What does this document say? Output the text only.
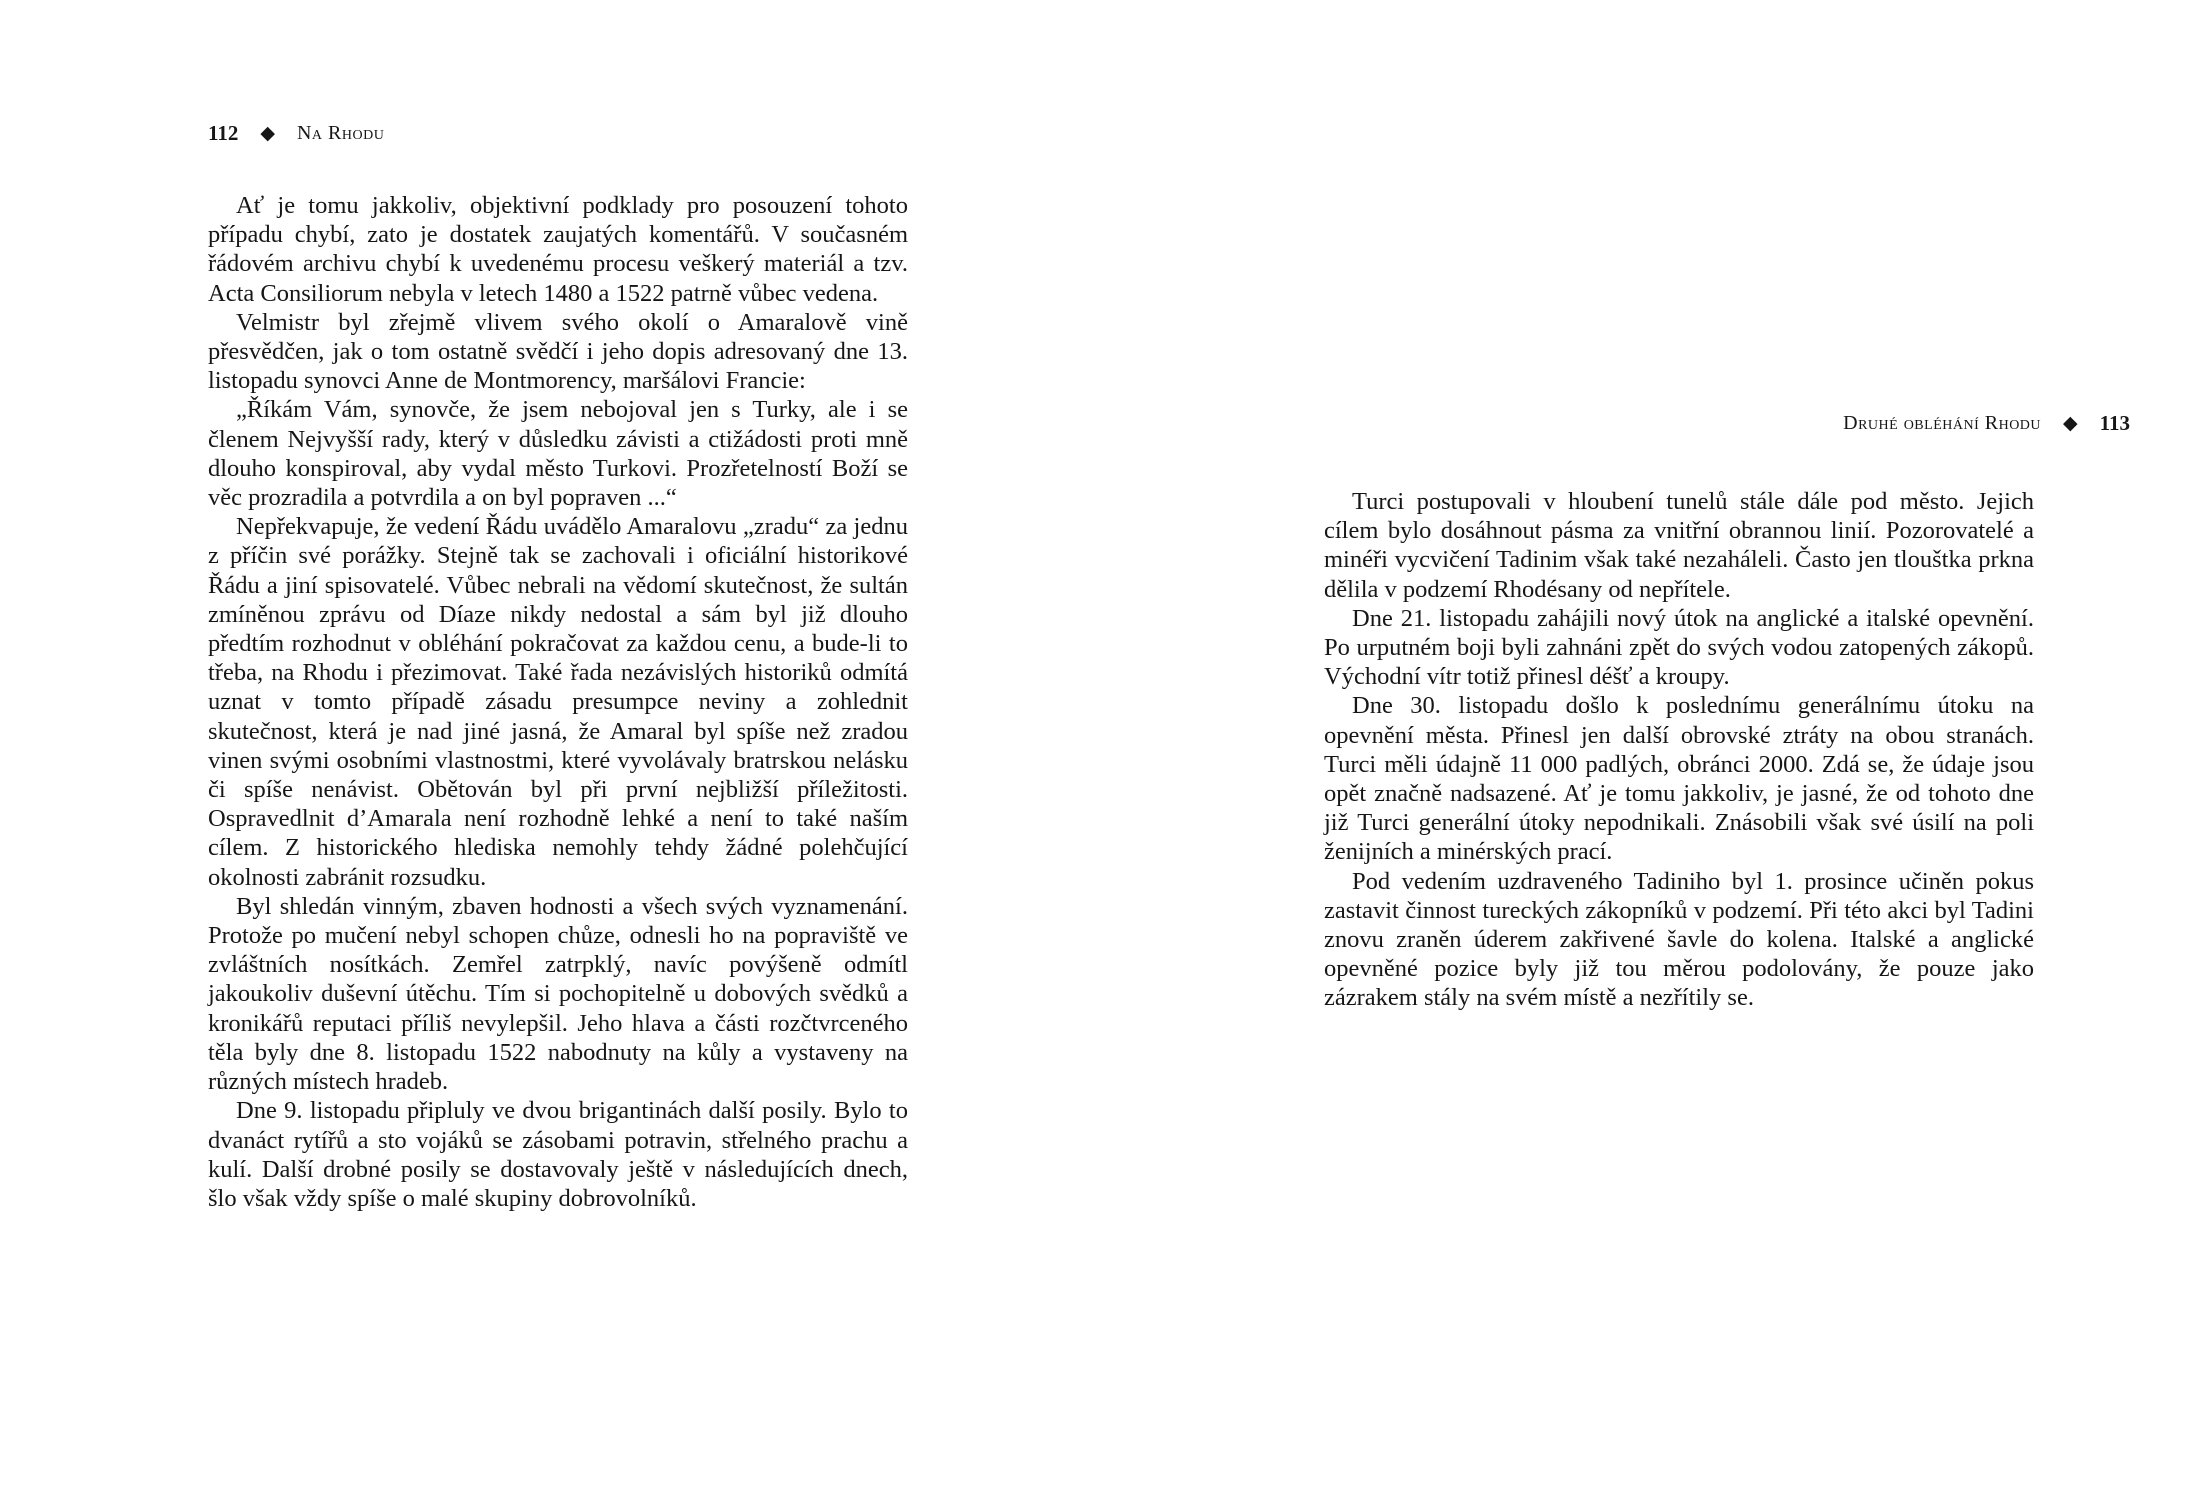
112 ◆ Na Rhodu

Ať je tomu jakkoliv, objektivní podklady pro posouzení tohoto případu chybí, zato je dostatek zaujatých komentářů. V současném řádovém archivu chybí k uvedenému procesu veškerý materiál a tzv. Acta Consiliorum nebyla v letech 1480 a 1522 patrně vůbec vedena.

Velmistr byl zřejmě vlivem svého okolí o Amaralově vině přesvědčen, jak o tom ostatně svědčí i jeho dopis adresovaný dne 13. listopadu synovci Anne de Montmorency, maršálovi Francie:

„Říkám Vám, synovče, že jsem nebojoval jen s Turky, ale i se členem Nejvyšší rady, který v důsledku závisti a ctižádosti proti mně dlouho konspiroval, aby vydal město Turkovi. Prozřetelností Boží se věc prozradila a potvrdila a on byl popraven ...“

Nepřekvapuje, že vedení Řádu uvádělo Amaralovu „zradu“ za jednu z příčin své porážky. Stejně tak se zachovali i oficiální historikové Řádu a jiní spisovatelé. Vůbec nebrali na vědomí skutečnost, že sultán zmíněnou zprávu od Díaze nikdy nedostal a sám byl již dlouho předtím rozhodnut v obléhání pokračovat za každou cenu, a bude-li to třeba, na Rhodu i přezimovat. Také řada nezávislých historiků odmítá uznat v tomto případě zásadu presumpce neviny a zohlednit skutečnost, která je nad jiné jasná, že Amaral byl spíše než zradou vinen svými osobními vlastnostmi, které vyvolávaly bratrskou nelásku či spíše nenávist. Obětován byl při první nejbližší příležitosti. Ospravedlnit d’Amarala není rozhodně lehké a není to také naším cílem. Z historického hlediska nemohly tehdy žádné polehčující okolnosti zabránit rozsudku.

Byl shledán vinným, zbaven hodnosti a všech svých vyznamenání. Protože po mučení nebyl schopen chůze, odnesli ho na popraviště ve zvláštních nosítkách. Zemřel zatrpklý, navíc povýšeně odmítl jakoukoliv duševní útěchu. Tím si pochopitelně u dobových svědků a kronikářů reputaci příliš nevylepšil. Jeho hlava a části rozčtvrceného těla byly dne 8. listopadu 1522 nabodnuty na kůly a vystaveny na různých místech hradeb.

Dne 9. listopadu připluly ve dvou brigantinách další posily. Bylo to dvanáct rytířů a sto vojáků se zásobami potravin, střelného prachu a kulí. Další drobné posily se dostavovaly ještě v následujících dnech, šlo však vždy spíše o malé skupiny dobrovolníků.

Druhé obléhání Rhodu ◆ 113

Turci postupovali v hloubení tunelů stále dále pod město. Jejich cílem bylo dosáhnout pásma za vnitřní obrannou linií. Pozorovatelé a minéři vycvičení Tadinim však také nezaháleli. Často jen tlouštka prkna dělila v podzemí Rhodésany od nepřítele.

Dne 21. listopadu zahájili nový útok na anglické a italské opevnění. Po urputném boji byli zahnáni zpět do svých vodou zatopených zákopů. Východní vítr totiž přinesl déšť a kroupy.

Dne 30. listopadu došlo k poslednímu generálnímu útoku na opevnění města. Přinesl jen další obrovské ztráty na obou stranách. Turci měli údajně 11 000 padlých, obránci 2000. Zdá se, že údaje jsou opět značně nadsazené. Ať je tomu jakkoliv, je jasné, že od tohoto dne již Turci generální útoky nepodnikali. Znásobili však své úsilí na poli ženijních a minérských prací.

Pod vedením uzdraveného Tadiniho byl 1. prosince učiněn pokus zastavit činnost tureckých zákopníků v podzemí. Při této akci byl Tadini znovu zraněn úderem zakřivené šavle do kolena. Italské a anglické opevněné pozice byly již tou měrou podolovány, že pouze jako zázrakem stály na svém místě a nezřítily se.
